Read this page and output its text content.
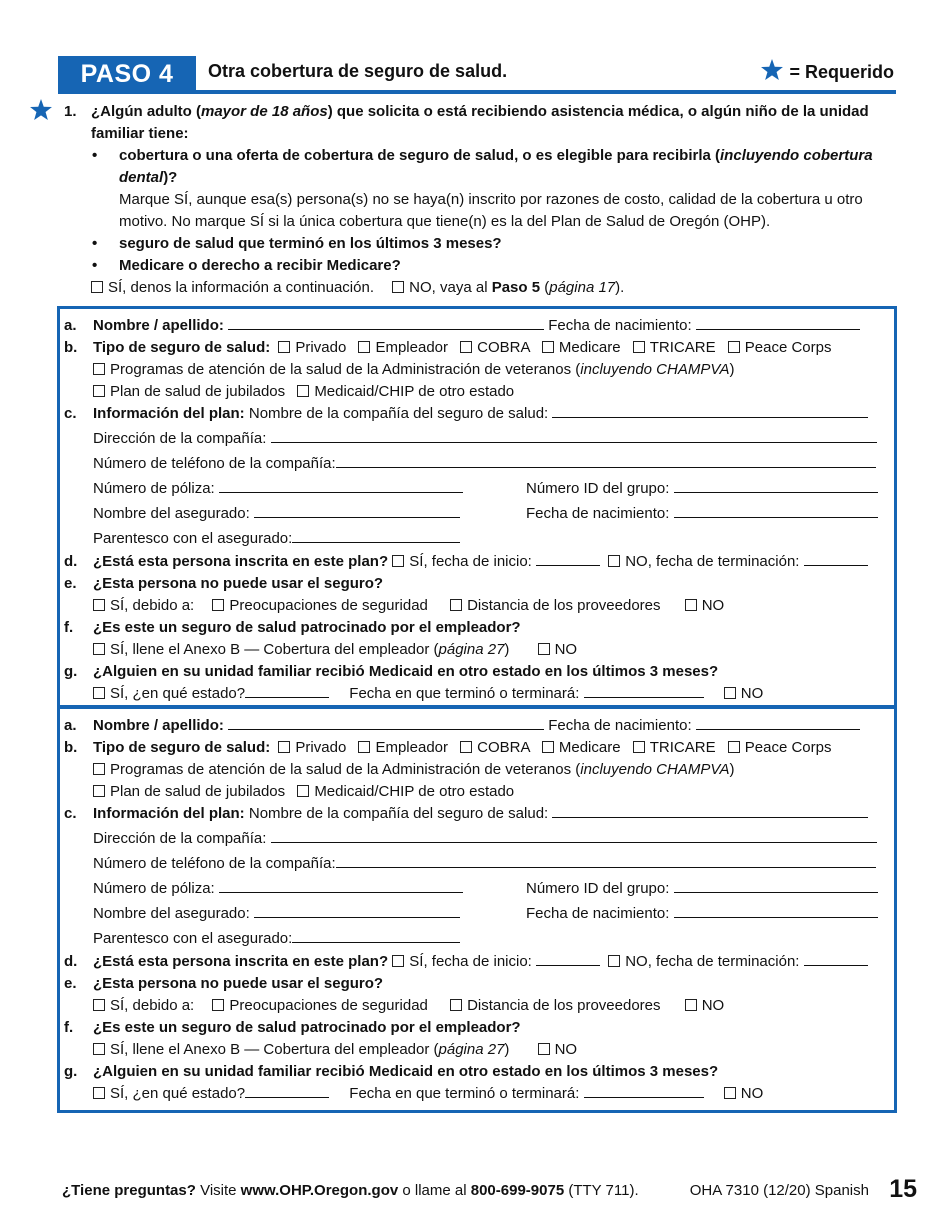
PASO 4	Otra cobertura de seguro de salud.	= Requerido
1. ¿Algún adulto (mayor de 18 años) que solicita o está recibiendo asistencia médica, o algún niño de la unidad familiar tiene:
• cobertura o una oferta de cobertura de seguro de salud, o es elegible para recibirla (incluyendo cobertura dental)?
Marque SÍ, aunque esa(s) persona(s) no se haya(n) inscrito por razones de costo, calidad de la cobertura u otro motivo. No marque SÍ si la única cobertura que tiene(n) es la del Plan de Salud de Oregón (OHP).
• seguro de salud que terminó en los últimos 3 meses?
• Medicare o derecho a recibir Medicare?
SÍ, denos la información a continuación. NO, vaya al Paso 5 (página 17).
a. Nombre / apellido:	Fecha de nacimiento:
b. Tipo de seguro de salud: Privado Empleador COBRA Medicare TRICARE Peace Corps
Programas de atención de la salud de la Administración de veteranos (incluyendo CHAMPVA)
Plan de salud de jubilados Medicaid/CHIP de otro estado
c. Información del plan: Nombre de la compañía del seguro de salud:
Dirección de la compañía:
Número de teléfono de la compañía:
Número de póliza:	Número ID del grupo:
Nombre del asegurado:	Fecha de nacimiento:
Parentesco con el asegurado:
d. ¿Está esta persona inscrita en este plan? SÍ, fecha de inicio:	NO, fecha de terminación:
e. ¿Esta persona no puede usar el seguro?
SÍ, debido a: Preocupaciones de seguridad	Distancia de los proveedores	NO
f. ¿Es este un seguro de salud patrocinado por el empleador?
SÍ, llene el Anexo B — Cobertura del empleador (página 27)	NO
g. ¿Alguien en su unidad familiar recibió Medicaid en otro estado en los últimos 3 meses?
SÍ, ¿en qué estado?	Fecha en que terminó o terminará:	NO
a. Nombre / apellido:	Fecha de nacimiento:
b. Tipo de seguro de salud: Privado Empleador COBRA Medicare TRICARE Peace Corps
Programas de atención de la salud de la Administración de veteranos (incluyendo CHAMPVA)
Plan de salud de jubilados Medicaid/CHIP de otro estado
c. Información del plan: Nombre de la compañía del seguro de salud:
Dirección de la compañía:
Número de teléfono de la compañía:
Número de póliza:	Número ID del grupo:
Nombre del asegurado:	Fecha de nacimiento:
Parentesco con el asegurado:
d. ¿Está esta persona inscrita en este plan? SÍ, fecha de inicio:	NO, fecha de terminación:
e. ¿Esta persona no puede usar el seguro?
SÍ, debido a: Preocupaciones de seguridad	Distancia de los proveedores	NO
f. ¿Es este un seguro de salud patrocinado por el empleador?
SÍ, llene el Anexo B — Cobertura del empleador (página 27)	NO
g. ¿Alguien en su unidad familiar recibió Medicaid en otro estado en los últimos 3 meses?
SÍ, ¿en qué estado?	Fecha en que terminó o terminará:	NO
¿Tiene preguntas? Visite www.OHP.Oregon.gov o llame al 800-699-9075 (TTY 711).	OHA 7310 (12/20) Spanish 15
